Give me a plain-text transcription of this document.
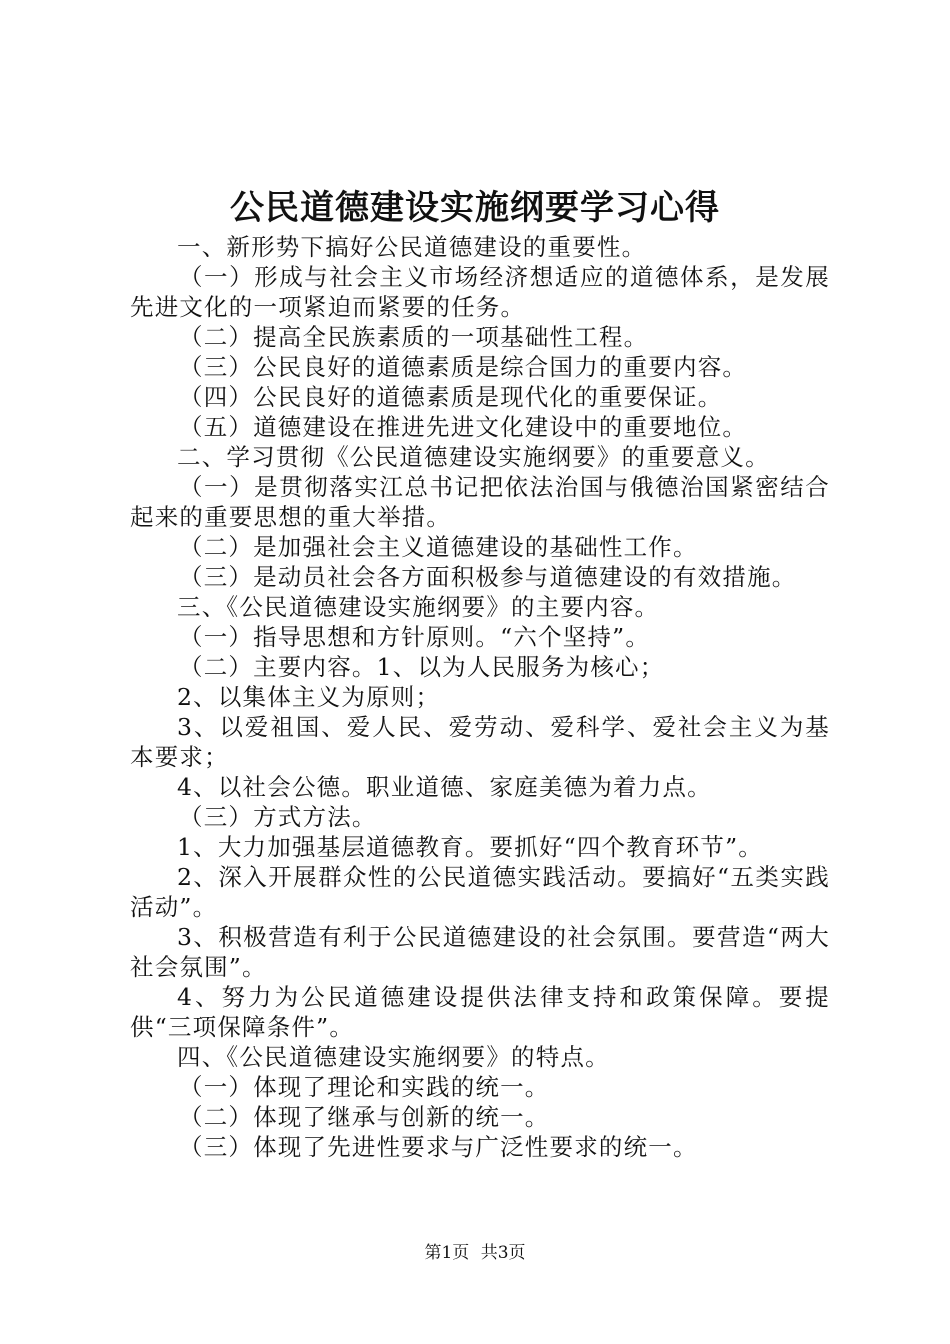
公民道德建设实施纲要学习心得

一、新形势下搞好公民道德建设的重要性。

（一）形成与社会主义市场经济想适应的道德体系，是发展先进文化的一项紧迫而紧要的任务。

（二）提高全民族素质的一项基础性工程。

（三）公民良好的道德素质是综合国力的重要内容。

（四）公民良好的道德素质是现代化的重要保证。

（五）道德建设在推进先进文化建设中的重要地位。

二、学习贯彻《公民道德建设实施纲要》的重要意义。

（一）是贯彻落实江总书记把依法治国与俄德治国紧密结合起来的重要思想的重大举措。

（二）是加强社会主义道德建设的基础性工作。

（三）是动员社会各方面积极参与道德建设的有效措施。

三、《公民道德建设实施纲要》的主要内容。

（一）指导思想和方针原则。“六个坚持”。

（二）主要内容。1、以为人民服务为核心；

2、以集体主义为原则；

3、以爱祖国、爱人民、爱劳动、爱科学、爱社会主义为基本要求；

4、以社会公德。职业道德、家庭美德为着力点。

（三）方式方法。

1、大力加强基层道德教育。要抓好“四个教育环节”。

2、深入开展群众性的公民道德实践活动。要搞好“五类实践活动”。

3、积极营造有利于公民道德建设的社会氛围。要营造“两大社会氛围”。

4、努力为公民道德建设提供法律支持和政策保障。要提供“三项保障条件”。

四、《公民道德建设实施纲要》的特点。

（一）体现了理论和实践的统一。

（二）体现了继承与创新的统一。

（三）体现了先进性要求与广泛性要求的统一。

第1页 共3页
